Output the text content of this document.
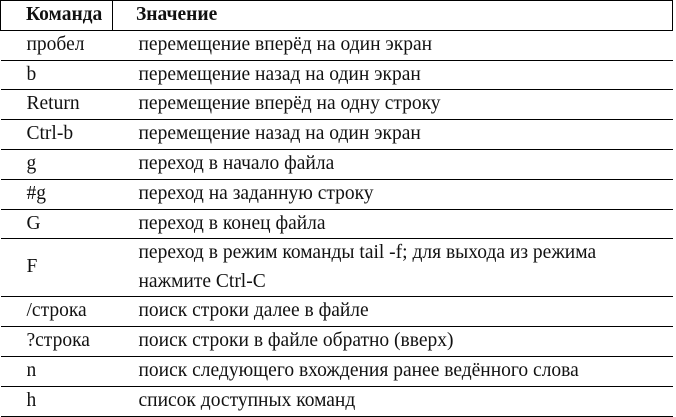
Команда	Значение
пробел	перемещение вперёд на один экран
b	перемещение назад на один экран
Return	перемещение вперёд на одну строку
Ctrl-b	перемещение назад на один экран
g	переход в начало файла
#g	переход на заданную строку
G	переход в конец файла
F	переход в режим команды tail -f; для выхода из режима нажмите Ctrl-C
/строка	поиск строки далее в файле
?строка	поиск строки в файле обратно (вверх)
n	поиск следующего вхождения ранее ведённого слова
h	список доступных команд
